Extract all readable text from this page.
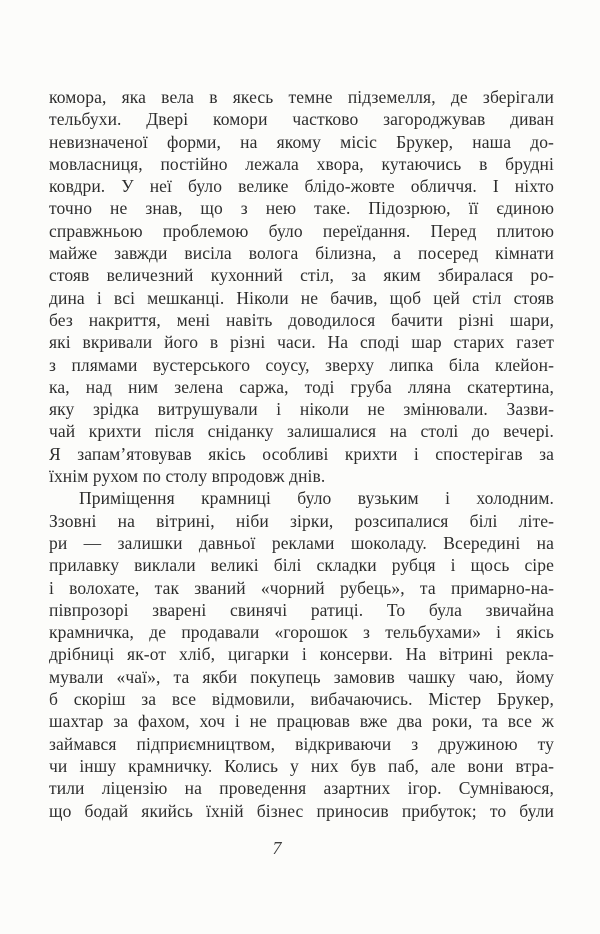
комора, яка вела в якесь темне підземелля, де зберігали
тельбухи. Двері комори частково загороджував диван
невизначеної форми, на якому місіс Брукер, наша до-
мовласниця, постійно лежала хвора, кутаючись в брудні
ковдри. У неї було велике блідо-жовте обличчя. І ніхто
точно не знав, що з нею таке. Підозрюю, її єдиною
справжньою проблемою було переїдання. Перед плитою
майже завжди висіла волога білизна, а посеред кімнати
стояв величезний кухонний стіл, за яким збиралася ро-
дина і всі мешканці. Ніколи не бачив, щоб цей стіл стояв
без накриття, мені навіть доводилося бачити різні шари,
які вкривали його в різні часи. На споді шар старих газет
з плямами вустерського соусу, зверху липка біла клейон-
ка, над ним зелена саржа, тоді груба лляна скатертина,
яку зрідка витрушували і ніколи не змінювали. Зазви-
чай крихти після сніданку залишалися на столі до вечері.
Я запам’ятовував якісь особливі крихти і спостерігав за
їхнім рухом по столу впродовж днів.
Приміщення крамниці було вузьким і холодним.
Ззовні на вітрині, ніби зірки, розсипалися білі літе-
ри — залишки давньої реклами шоколаду. Всередині на
прилавку виклали великі білі складки рубця і щось сіре
і волохате, так званий «чорний рубець», та примарно-на-
півпрозорі зварені свинячі ратиці. То була звичайна
крамничка, де продавали «горошок з тельбухами» і якісь
дрібниці як-от хліб, цигарки і консерви. На вітрині рекла-
мували «чаї», та якби покупець замовив чашку чаю, йому
б скоріш за все відмовили, вибачаючись. Містер Брукер,
шахтар за фахом, хоч і не працював вже два роки, та все ж
займався підприємництвом, відкриваючи з дружиною ту
чи іншу крамничку. Колись у них був паб, але вони втра-
тили ліцензію на проведення азартних ігор. Сумніваюся,
що бодай якийсь їхній бізнес приносив прибуток; то були
7
